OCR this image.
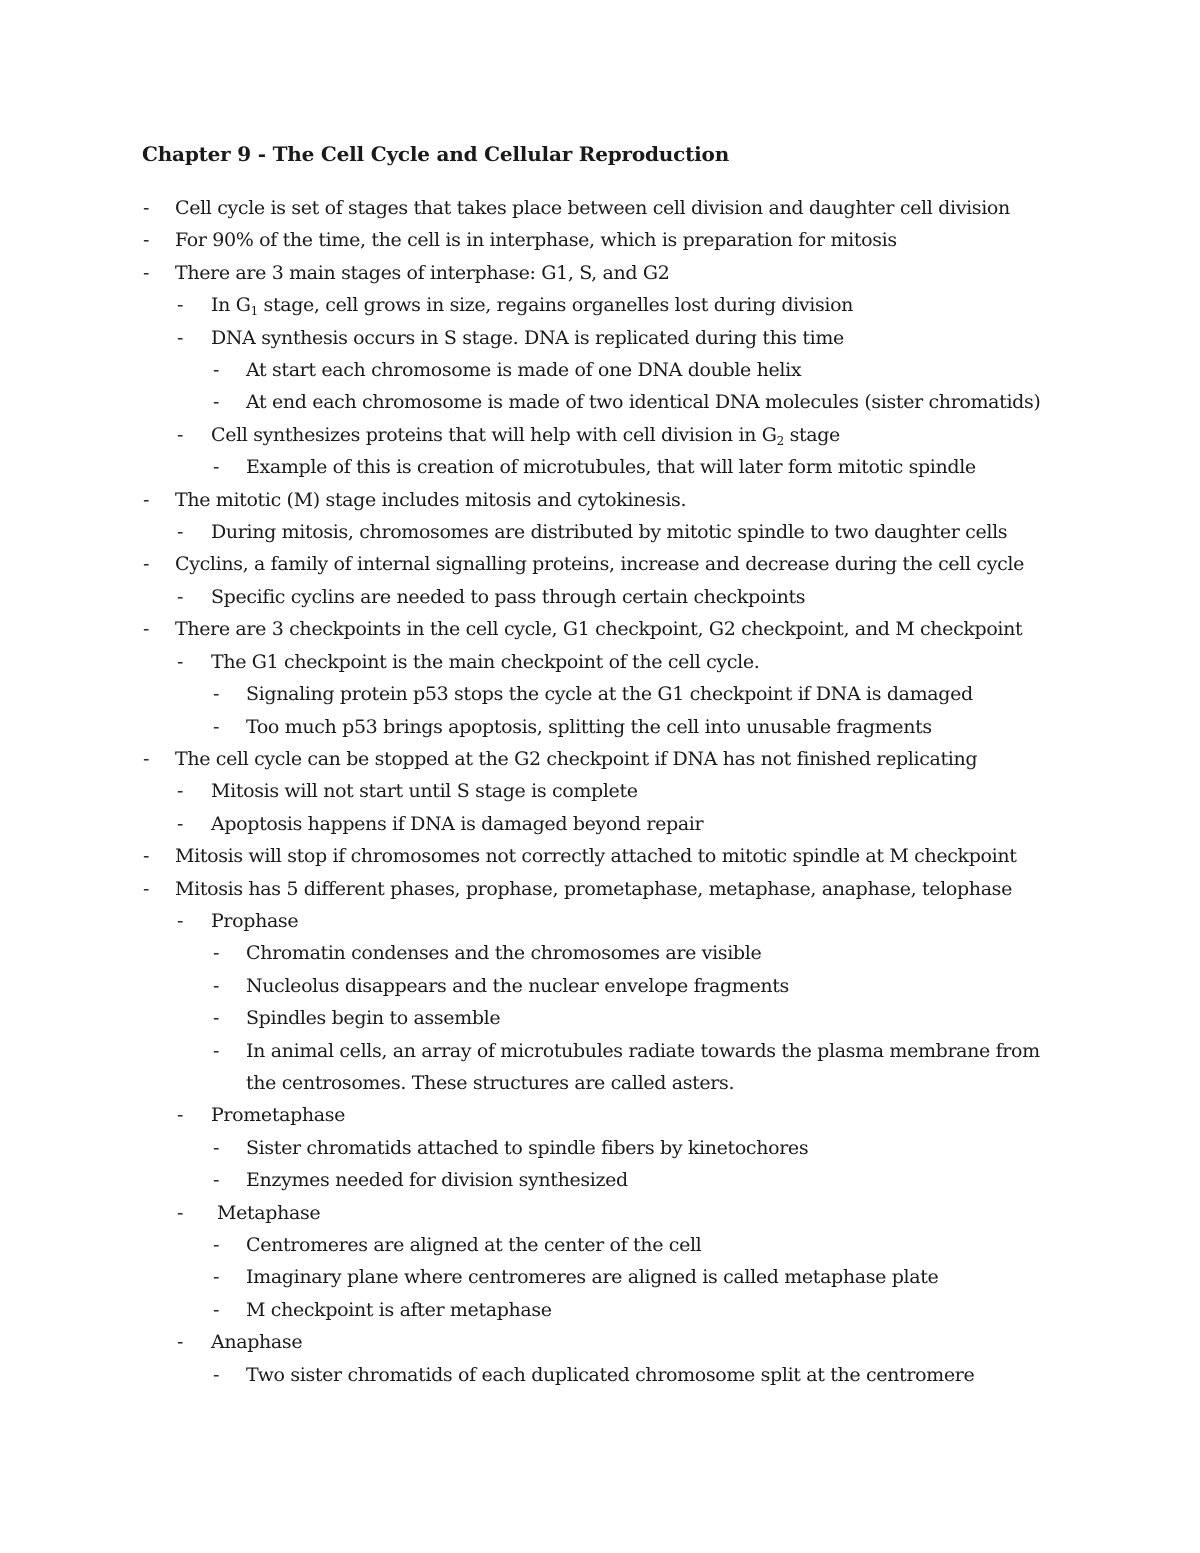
Chapter 9 - The Cell Cycle and Cellular Reproduction
- Cell cycle is set of stages that takes place between cell division and daughter cell division
- For 90% of the time, the cell is in interphase, which is preparation for mitosis
- There are 3 main stages of interphase: G1, S, and G2
- In $G_1$ stage, cell grows in size, regains organelles lost during division
- DNA synthesis occurs in S stage. DNA is replicated during this time
- At start each chromosome is made of one DNA double helix
- At end each chromosome is made of two identical DNA molecules (sister chromatids)
- Cell synthesizes proteins that will help with cell division in $G_2$ stage
- Example of this is creation of microtubules, that will later form mitotic spindle
- The mitotic (M) stage includes mitosis and cytokinesis.
- During mitosis, chromosomes are distributed by mitotic spindle to two daughter cells
- Cyclins, a family of internal signalling proteins, increase and decrease during the cell cycle
- Specific cyclins are needed to pass through certain checkpoints
- There are 3 checkpoints in the cell cycle, G1 checkpoint, G2 checkpoint, and M checkpoint
- The G1 checkpoint is the main checkpoint of the cell cycle.
- Signaling protein p53 stops the cycle at the G1 checkpoint if DNA is damaged
- Too much p53 brings apoptosis, splitting the cell into unusable fragments
- The cell cycle can be stopped at the G2 checkpoint if DNA has not finished replicating
- Mitosis will not start until S stage is complete
- Apoptosis happens if DNA is damaged beyond repair
- Mitosis will stop if chromosomes not correctly attached to mitotic spindle at M checkpoint
- Mitosis has 5 different phases, prophase, prometaphase, metaphase, anaphase, telophase
- Prophase
- Chromatin condenses and the chromosomes are visible
- Nucleolus disappears and the nuclear envelope fragments
- Spindles begin to assemble
- In animal cells, an array of microtubules radiate towards the plasma membrane from the centrosomes. These structures are called asters.
- Prometaphase
- Sister chromatids attached to spindle fibers by kinetochores
- Enzymes needed for division synthesized
- Metaphase
- Centromeres are aligned at the center of the cell
- Imaginary plane where centromeres are aligned is called metaphase plate
- M checkpoint is after metaphase
- Anaphase
- Two sister chromatids of each duplicated chromosome split at the centromere
